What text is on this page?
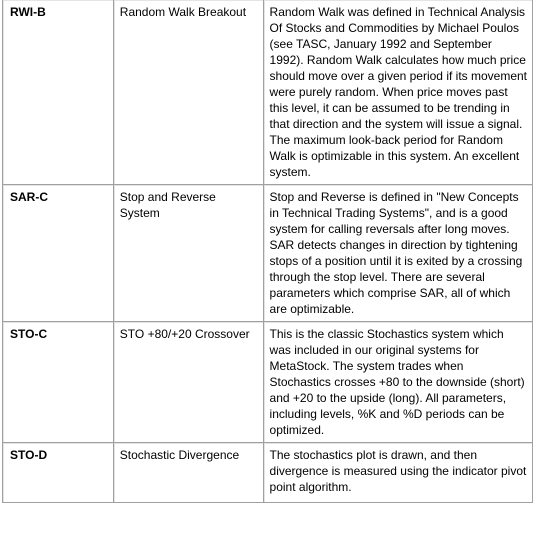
RWI-B	Random Walk Breakout	Random Walk was defined in Technical Analysis Of Stocks and Commodities by Michael Poulos (see TASC, January 1992 and September 1992). Random Walk calculates how much price should move over a given period if its movement were purely random. When price moves past this level, it can be assumed to be trending in that direction and the system will issue a signal. The maximum look-back period for Random Walk is optimizable in this system. An excellent system.
SAR-C	Stop and Reverse System	Stop and Reverse is defined in "New Concepts in Technical Trading Systems", and is a good system for calling reversals after long moves. SAR detects changes in direction by tightening stops of a position until it is exited by a crossing through the stop level. There are several parameters which comprise SAR, all of which are optimizable.
STO-C	STO +80/+20 Crossover	This is the classic Stochastics system which was included in our original systems for MetaStock. The system trades when Stochastics crosses +80 to the downside (short) and +20 to the upside (long). All parameters, including levels, %K and %D periods can be optimized.
STO-D	Stochastic Divergence	The stochastics plot is drawn, and then divergence is measured using the indicator pivot point algorithm.
